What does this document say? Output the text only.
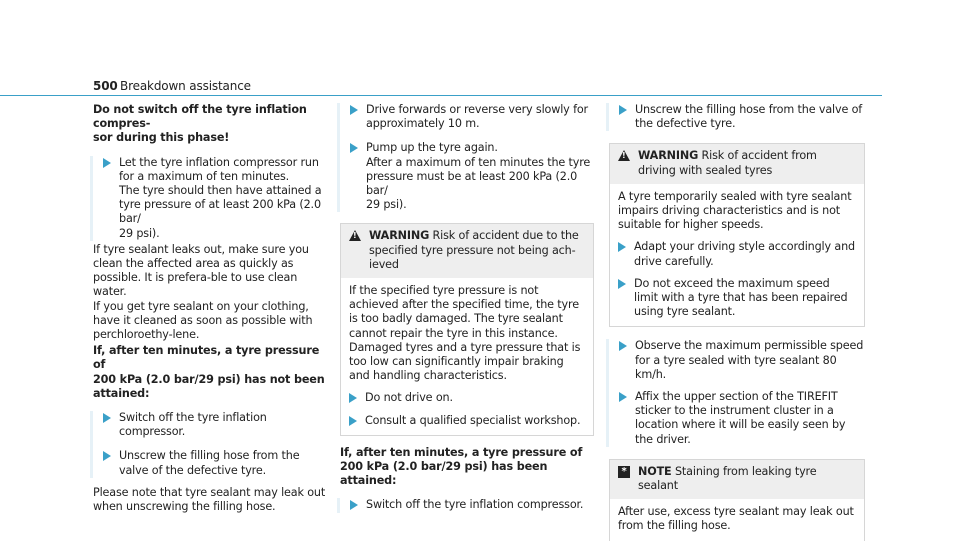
500 Breakdown assistance

Do not switch off the tyre inflation compres-
sor during this phase!

Let the tyre inflation compressor run for a maximum of ten minutes.
The tyre should then have attained a tyre pressure of at least 200 kPa (2.0 bar/
29 psi).

If tyre sealant leaks out, make sure you clean the affected area as quickly as possible. It is prefera-ble to use clean water.

If you get tyre sealant on your clothing, have it cleaned as soon as possible with perchloroethy-lene.

If, after ten minutes, a tyre pressure of
200 kPa (2.0 bar/29 psi) has not been
attained:

Switch off the tyre inflation compressor.

Unscrew the filling hose from the valve of the defective tyre.

Please note that tyre sealant may leak out when unscrewing the filling hose.

Drive forwards or reverse very slowly for approximately 10 m.

Pump up the tyre again.
After a maximum of ten minutes the tyre pressure must be at least 200 kPa (2.0 bar/
29 psi).

!

WARNING Risk of accident due to the specified tyre pressure not being ach-ieved

If the specified tyre pressure is not achieved after the specified time, the tyre is too badly damaged. The tyre sealant cannot repair the tyre in this instance.

Damaged tyres and a tyre pressure that is too low can significantly impair braking and handling characteristics.

Do not drive on.

Consult a qualified specialist workshop.

If, after ten minutes, a tyre pressure of
200 kPa (2.0 bar/29 psi) has been attained:

Switch off the tyre inflation compressor.

Unscrew the filling hose from the valve of the defective tyre.

!

WARNING Risk of accident from driving with sealed tyres

A tyre temporarily sealed with tyre sealant impairs driving characteristics and is not suitable for higher speeds.

Adapt your driving style accordingly and drive carefully.

Do not exceed the maximum speed limit with a tyre that has been repaired using tyre sealant.

Observe the maximum permissible speed for a tyre sealed with tyre sealant 80 km/h.

Affix the upper section of the TIREFIT sticker to the instrument cluster in a location where it will be easily seen by the driver.

*	NOTE Staining from leaking tyre sealant

After use, excess tyre sealant may leak out from the filling hose.
